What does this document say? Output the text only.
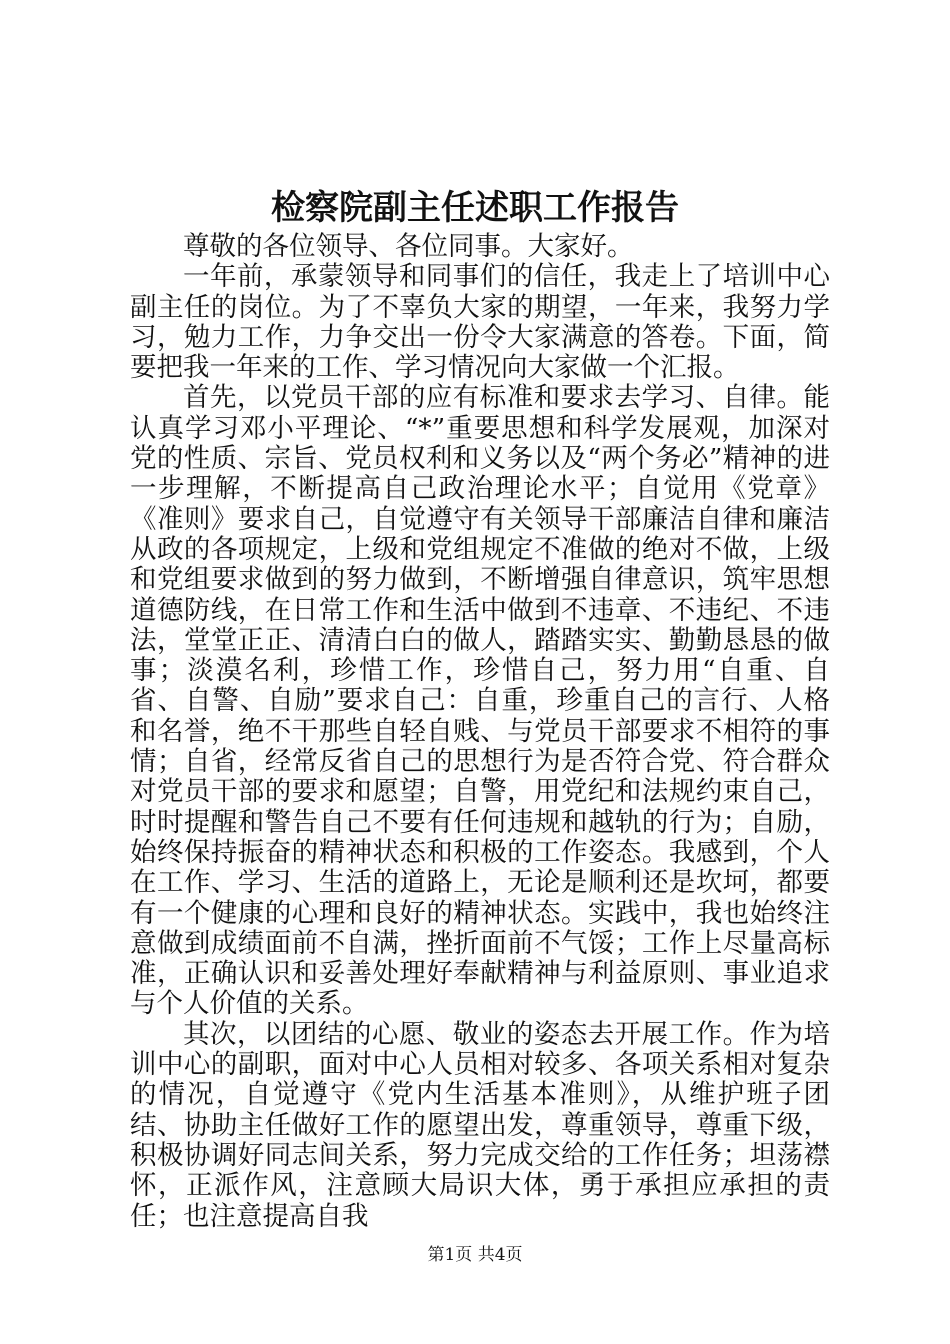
检察院副主任述职工作报告

尊敬的各位领导、各位同事。大家好。

一年前，承蒙领导和同事们的信任，我走上了培训中心副主任的岗位。为了不辜负大家的期望，一年来，我努力学习，勉力工作，力争交出一份令大家满意的答卷。下面，简要把我一年来的工作、学习情况向大家做一个汇报。

首先，以党员干部的应有标准和要求去学习、自律。能认真学习邓小平理论、“*”重要思想和科学发展观，加深对党的性质、宗旨、党员权利和义务以及“两个务必”精神的进一步理解，不断提高自己政治理论水平；自觉用《党章》《准则》要求自己，自觉遵守有关领导干部廉洁自律和廉洁从政的各项规定，上级和党组规定不准做的绝对不做，上级和党组要求做到的努力做到，不断增强自律意识，筑牢思想道德防线，在日常工作和生活中做到不违章、不违纪、不违法，堂堂正正、清清白白的做人，踏踏实实、勤勤恳恳的做事；淡漠名利，珍惜工作，珍惜自己，努力用“自重、自省、自警、自励”要求自己：自重，珍重自己的言行、人格和名誉，绝不干那些自轻自贱、与党员干部要求不相符的事情；自省，经常反省自己的思想行为是否符合党、符合群众对党员干部的要求和愿望；自警，用党纪和法规约束自己，时时提醒和警告自己不要有任何违规和越轨的行为；自励，始终保持振奋的精神状态和积极的工作姿态。我感到，个人在工作、学习、生活的道路上，无论是顺利还是坎坷，都要有一个健康的心理和良好的精神状态。实践中，我也始终注意做到成绩面前不自满，挫折面前不气馁；工作上尽量高标准，正确认识和妥善处理好奉献精神与利益原则、事业追求与个人价值的关系。

其次，以团结的心愿、敬业的姿态去开展工作。作为培训中心的副职，面对中心人员相对较多、各项关系相对复杂的情况，自觉遵守《党内生活基本准则》，从维护班子团结、协助主任做好工作的愿望出发，尊重领导，尊重下级，积极协调好同志间关系，努力完成交给的工作任务；坦荡襟怀，正派作风，注意顾大局识大体，勇于承担应承担的责任；也注意提高自我

第1页 共4页
